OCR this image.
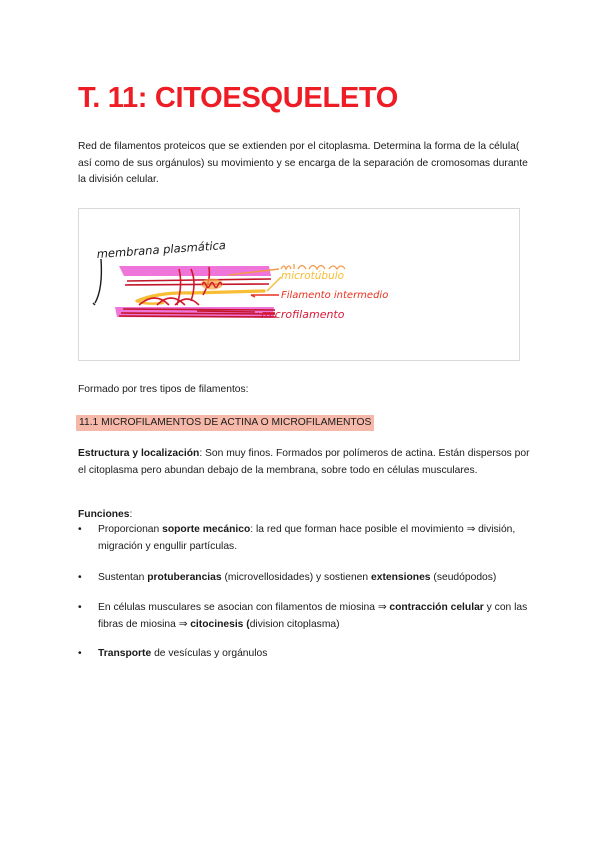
T. 11: CITOESQUELETO

Red de filamentos proteicos que se extienden por el citoplasma. Determina la forma de la célula( así como de sus orgánulos) su movimiento y se encarga de la separación de cromosomas durante la división celular.

membrana plasmática
microtúbulo
Filamento intermedio
microfilamento

Formado por tres tipos de filamentos:

11.1 MICROFILAMENTOS DE ACTINA O MICROFILAMENTOS

Estructura y localización: Son muy finos. Formados por polímeros de actina. Están dispersos por el citoplasma pero abundan debajo de la membrana, sobre todo en células musculares.

Funciones:

• Proporcionan soporte mecánico: la red que forman hace posible el movimiento ⇒ división, migración y engullir partículas.
• Sustentan protuberancias (microvellosidades) y sostienen extensiones (seudópodos)
• En células musculares se asocian con filamentos de miosina ⇒ contracción celular y con las fibras de miosina ⇒ citocinesis (division citoplasma)
• Transporte de vesículas y orgánulos
